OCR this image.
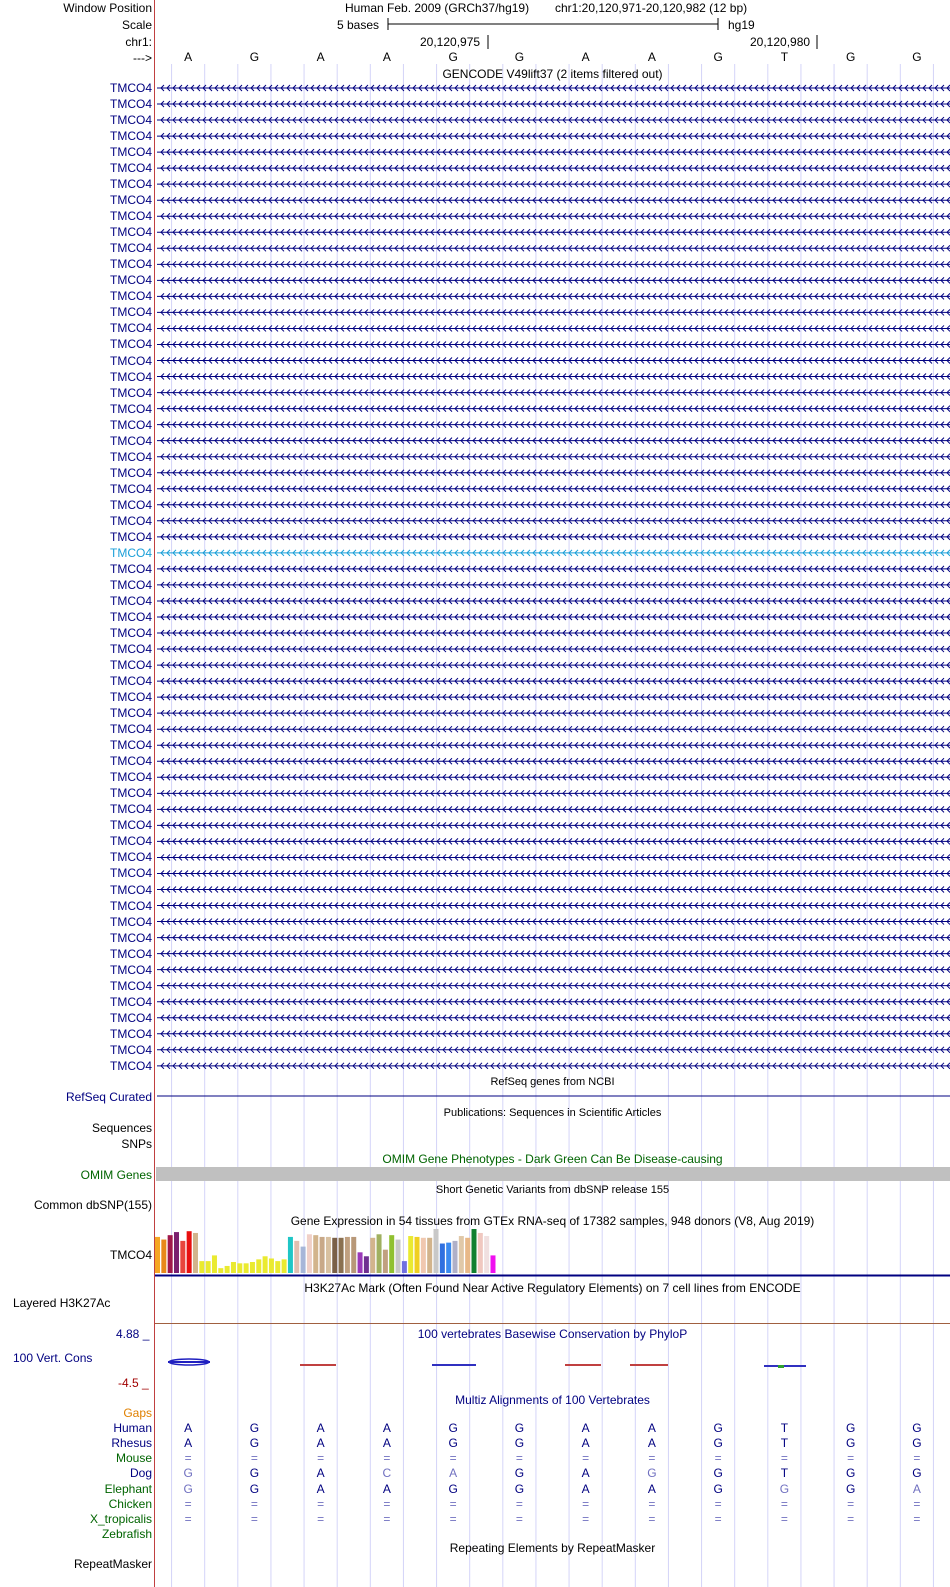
Window Position
Scale
chr1:
--->
Human Feb. 2009 (GRCh37/hg19) chr1:20,120,971-20,120,982 (12 bp)
5 bases	hg19
20,120,975	20,120,980
A	G	A	A	G	G	A	A	G	T	G	G
GENCODE V49lift37 (2 items filtered out)
TMCO4
TMCO4
TMCO4
TMCO4
TMCO4
TMCO4
TMCO4
TMCO4
TMCO4
TMCO4
TMCO4
TMCO4
TMCO4
TMCO4
TMCO4
TMCO4
TMCO4
TMCO4
TMCO4
TMCO4
TMCO4
TMCO4
TMCO4
TMCO4
TMCO4
TMCO4
TMCO4
TMCO4
TMCO4
TMCO4
TMCO4
TMCO4
TMCO4
TMCO4
TMCO4
TMCO4
TMCO4
TMCO4
TMCO4
TMCO4
TMCO4
TMCO4
TMCO4
TMCO4
TMCO4
TMCO4
TMCO4
TMCO4
TMCO4
TMCO4
TMCO4
TMCO4
TMCO4
TMCO4
TMCO4
TMCO4
TMCO4
TMCO4
TMCO4
TMCO4
TMCO4
TMCO4
RefSeq genes from NCBI
RefSeq Curated
Publications: Sequences in Scientific Articles
Sequences
SNPs
OMIM Gene Phenotypes - Dark Green Can Be Disease-causing
OMIM Genes
Short Genetic Variants from dbSNP release 155
Common dbSNP(155)
Gene Expression in 54 tissues from GTEx RNA-seq of 17382 samples, 948 donors (V8, Aug 2019)
TMCO4
H3K27Ac Mark (Often Found Near Active Regulatory Elements) on 7 cell lines from ENCODE
Layered H3K27Ac
100 vertebrates Basewise Conservation by PhyloP
4.88 _
100 Vert. Cons
-4.5 _
Multiz Alignments of 100 Vertebrates
Gaps
Human	A	G	A	A	G	G	A	A	G	T	G	G
Rhesus	A	G	A	A	G	G	A	A	G	T	G	G
Mouse	=	=	=	=	=	=	=	=	=	=	=	=
Dog	G	G	A	C	A	G	A	G	G	T	G	G
Elephant	G	G	A	A	G	G	A	A	G	G	G	A
Chicken	=	=	=	=	=	=	=	=	=	=	=	=
X_tropicalis	=	=	=	=	=	=	=	=	=	=	=	=
Zebrafish
Repeating Elements by RepeatMasker
RepeatMasker
